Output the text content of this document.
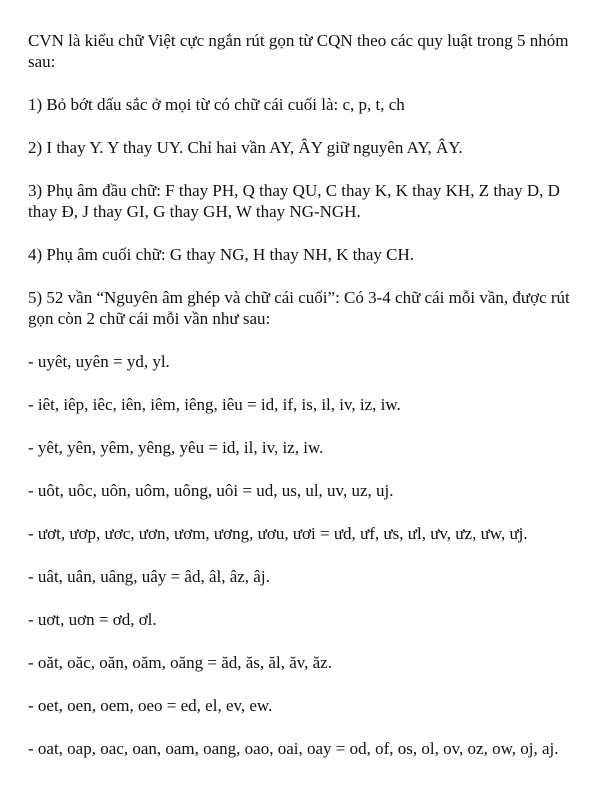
CVN là kiểu chữ Việt cực ngắn rút gọn từ CQN theo các quy luật trong 5 nhóm sau:

1) Bỏ bớt dấu sắc ở mọi từ có chữ cái cuối là: c, p, t, ch

2) I thay Y. Y thay UY. Chỉ hai vần AY, ÂY giữ nguyên AY, ÂY.

3) Phụ âm đầu chữ: F thay PH, Q thay QU, C thay K, K thay KH, Z thay D, D thay Đ, J thay GI, G thay GH, W thay NG-NGH.

4) Phụ âm cuối chữ: G thay NG, H thay NH, K thay CH.

5) 52 vần “Nguyên âm ghép và chữ cái cuối”: Có 3-4 chữ cái mỗi vần, được rút gọn còn 2 chữ cái mỗi vần như sau:

- uyêt, uyên = yd, yl.

- iêt, iêp, iêc, iên, iêm, iêng, iêu = id, if, is, il, iv, iz, iw.

- yêt, yên, yêm, yêng, yêu = id, il, iv, iz, iw.

- uôt, uôc, uôn, uôm, uông, uôi = ud, us, ul, uv, uz, uj.

- ươt, ươp, ươc, ươn, ươm, ương, ươu, ươi = ưd, ưf, ưs, ưl, ưv, ưz, ưw, ưj.

- uât, uân, uâng, uây = âd, âl, âz, âj.

- uơt, uơn = ơd, ơl.

- oăt, oăc, oăn, oăm, oăng = ăd, ăs, ăl, ăv, ăz.

- oet, oen, oem, oeo = ed, el, ev, ew.

- oat, oap, oac, oan, oam, oang, oao, oai, oay = od, of, os, ol, ov, oz, ow, oj, aj.
